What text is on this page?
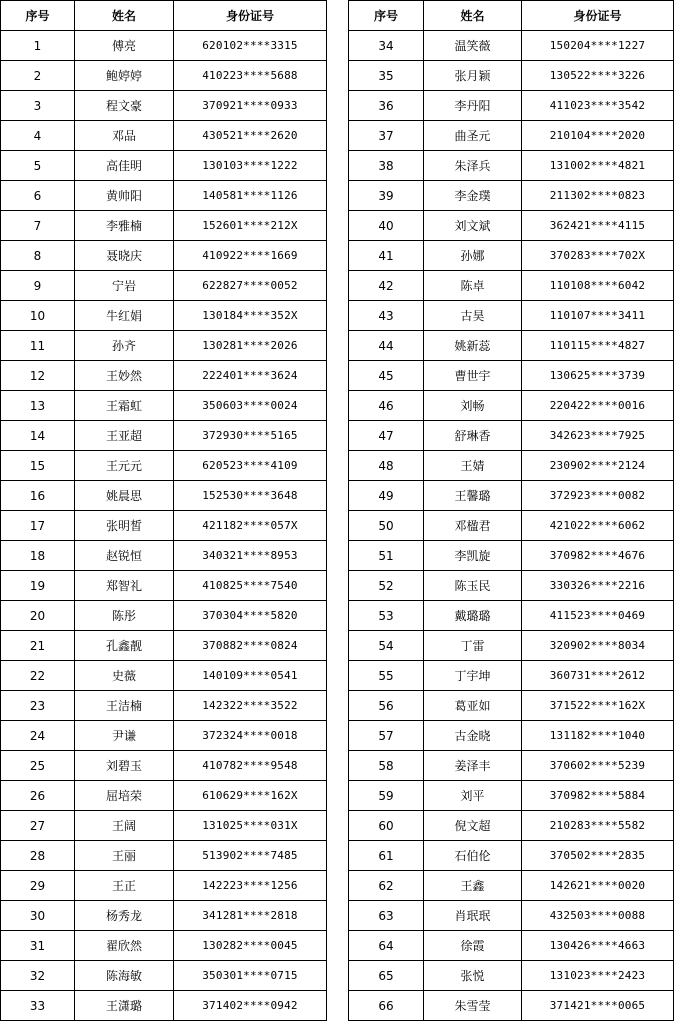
序号	姓名	身份证号
1	傅亮	620102****3315
2	鲍婷婷	410223****5688
3	程文豪	370921****0933
4	邓品	430521****2620
5	高佳明	130103****1222
6	黄帅阳	140581****1126
7	李雅楠	152601****212X
8	聂晓庆	410922****1669
9	宁岩	622827****0052
10	牛红娟	130184****352X
11	孙齐	130281****2026
12	王妙然	222401****3624
13	王霜虹	350603****0024
14	王亚超	372930****5165
15	王元元	620523****4109
16	姚晨思	152530****3648
17	张明皙	421182****057X
18	赵锐恒	340321****8953
19	郑智礼	410825****7540
20	陈彤	370304****5820
21	孔鑫靓	370882****0824
22	史薇	140109****0541
23	王洁楠	142322****3522
24	尹谦	372324****0018
25	刘碧玉	410782****9548
26	屈培荣	610629****162X
27	王阔	131025****031X
28	王丽	513902****7485
29	王正	142223****1256
30	杨秀龙	341281****2818
31	翟欣然	130282****0045
32	陈海敏	350301****0715
33	王潇璐	371402****0942
序号	姓名	身份证号
34	温笑薇	150204****1227
35	张月颖	130522****3226
36	李丹阳	411023****3542
37	曲圣元	210104****2020
38	朱泽兵	131002****4821
39	李金璞	211302****0823
40	刘文斌	362421****4115
41	孙娜	370283****702X
42	陈卓	110108****6042
43	古昊	110107****3411
44	姚新蕊	110115****4827
45	曹世宇	130625****3739
46	刘畅	220422****0016
47	舒琳香	342623****7925
48	王婧	230902****2124
49	王馨璐	372923****0082
50	邓楹君	421022****6062
51	李凯旋	370982****4676
52	陈玉民	330326****2216
53	戴璐璐	411523****0469
54	丁雷	320902****8034
55	丁宇坤	360731****2612
56	葛亚如	371522****162X
57	古金晓	131182****1040
58	姜泽丰	370602****5239
59	刘平	370982****5884
60	倪文超	210283****5582
61	石伯伦	370502****2835
62	王鑫	142621****0020
63	肖珉珉	432503****0088
64	徐霞	130426****4663
65	张悦	131023****2423
66	朱雪莹	371421****0065
